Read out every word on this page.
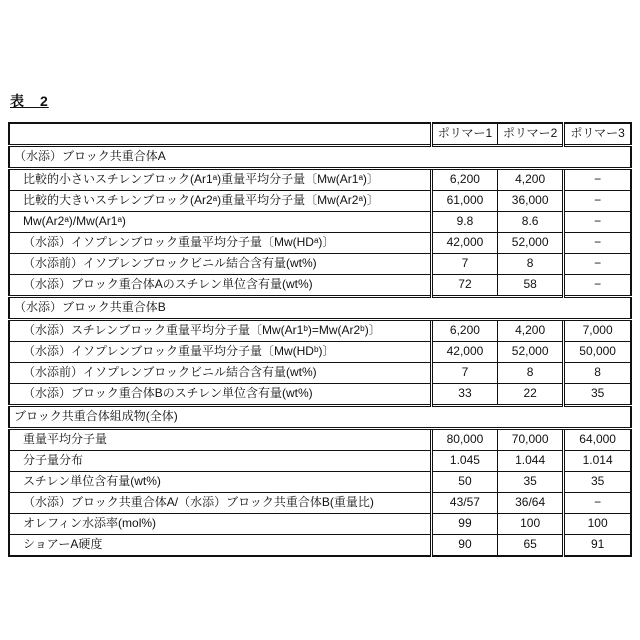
表　2
	ポリマー1	ポリマー2	ポリマー3
（水添）ブロック共重合体A			
比較的小さいスチレンブロック(Ar1ᵃ)重量平均分子量〔Mw(Ar1ᵃ)〕	6,200	4,200	−
比較的大きいスチレンブロック(Ar2ᵃ)重量平均分子量〔Mw(Ar2ᵃ)〕	61,000	36,000	−
Mw(Ar2ᵃ)/Mw(Ar1ᵃ)	9.8	8.6	−
（水添）イソプレンブロック重量平均分子量〔Mw(HDᵃ)〕	42,000	52,000	−
（水添前）イソプレンブロックビニル結合含有量(wt%)	7	8	−
（水添）ブロック重合体Aのスチレン単位含有量(wt%)	72	58	−
（水添）ブロック共重合体B			
（水添）スチレンブロック重量平均分子量〔Mw(Ar1ᵇ)=Mw(Ar2ᵇ)〕	6,200	4,200	7,000
（水添）イソプレンブロック重量平均分子量〔Mw(HDᵇ)〕	42,000	52,000	50,000
（水添前）イソプレンブロックビニル結合含有量(wt%)	7	8	8
（水添）ブロック重合体Bのスチレン単位含有量(wt%)	33	22	35
ブロック共重合体組成物(全体)			
重量平均分子量	80,000	70,000	64,000
分子量分布	1.045	1.044	1.014
スチレン単位含有量(wt%)	50	35	35
（水添）ブロック共重合体A/（水添）ブロック共重合体B(重量比)	43/57	36/64	−
オレフィン水添率(mol%)	99	100	100
ショアーA硬度	90	65	91
